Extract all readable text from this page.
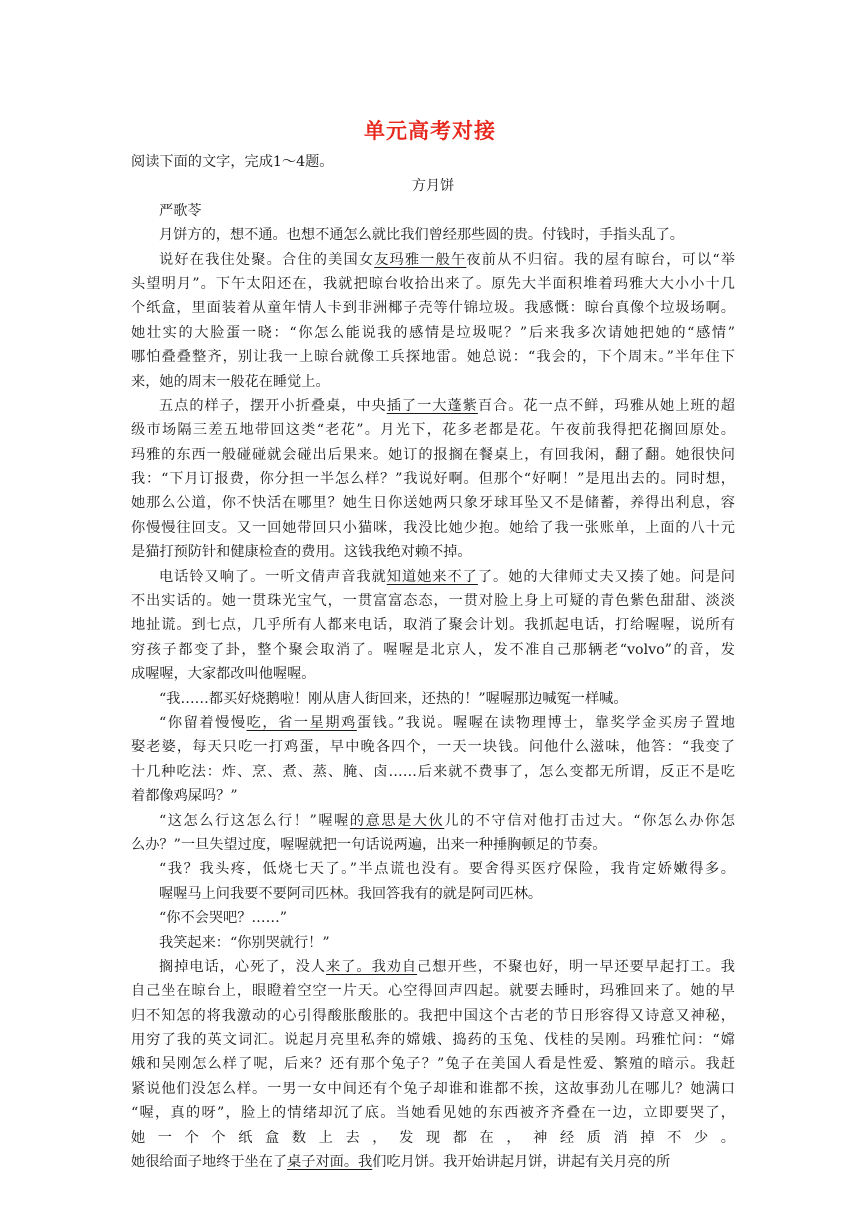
单元高考对接
阅读下面的文字，完成1～4题。
方月饼
严歌苓
月饼方的，想不通。也想不通怎么就比我们曾经那些圆的贵。付钱时，手指头乱了。
说好在我住处聚。合住的美国女友玛雅一般午夜前从不归宿。我的屋有晾台，可以“举
头望明月”。下午太阳还在，我就把晾台收拾出来了。原先大半面积堆着玛雅大大小小十几
个纸盒，里面装着从童年情人卡到非洲椰子壳等什锦垃圾。我感慨：晾台真像个垃圾场啊。
她壮实的大脸蛋一晓：“你怎么能说我的感情是垃圾呢？”后来我多次请她把她的“感情”
哪怕叠叠整齐，别让我一上晾台就像工兵探地雷。她总说：“我会的，下个周末。”半年住下
来，她的周末一般花在睡觉上。
五点的样子，摆开小折叠桌，中央插了一大蓬紫百合。花一点不鲜，玛雅从她上班的超
级市场隔三差五地带回这类“老花”。月光下，花多老都是花。午夜前我得把花搁回原处。
玛雅的东西一般碰碰就会碰出后果来。她订的报搁在餐桌上，有回我闲，翻了翻。她很快问
我：“下月订报费，你分担一半怎么样？”我说好啊。但那个“好啊！”是甩出去的。同时想，
她那么公道，你不快活在哪里？她生日你送她两只象牙球耳坠又不是储蓄，养得出利息，容
你慢慢往回支。又一回她带回只小猫咪，我没比她少抱。她给了我一张账单，上面的八十元
是猫打预防针和健康检查的费用。这钱我绝对赖不掉。
电话铃又响了。一听文倩声音我就知道她来不了了。她的大律师丈夫又揍了她。问是问
不出实话的。她一贯珠光宝气，一贯富富态态，一贯对脸上身上可疑的青色紫色甜甜、淡淡
地扯谎。到七点，几乎所有人都来电话，取消了聚会计划。我抓起电话，打给喔喔，说所有
穷孩子都变了卦，整个聚会取消了。喔喔是北京人，发不准自己那辆老“volvo”的音，发
成喔喔，大家都改叫他喔喔。
“我……都买好烧鹅啦！刚从唐人街回来，还热的！”喔喔那边喊冤一样喊。
“你留着慢慢吃，省一星期鸡蛋钱。”我说。喔喔在读物理博士，靠奖学金买房子置地
娶老婆，每天只吃一打鸡蛋，早中晚各四个，一天一块钱。问他什么滋味，他答：“我变了
十几种吃法：炸、烹、煮、蒸、腌、卤……后来就不费事了，怎么变都无所谓，反正不是吃
着都像鸡屎吗？”
“这怎么行这怎么行！”喔喔的意思是大伙儿的不守信对他打击过大。“你怎么办你怎
么办？”一旦失望过度，喔喔就把一句话说两遍，出来一种捶胸顿足的节奏。
“我？我头疼，低烧七天了。”半点谎也没有。要舍得买医疗保险，我肯定娇嫩得多。
喔喔马上问我要不要阿司匹林。我回答我有的就是阿司匹林。
“你不会哭吧？……”
我笑起来：“你别哭就行！”
搁掉电话，心死了，没人来了。我劝自己想开些，不聚也好，明一早还要早起打工。我
自己坐在晾台上，眼瞪着空空一片天。心空得回声四起。就要去睡时，玛雅回来了。她的早
归不知怎的将我激动的心引得酸胀酸胀的。我把中国这个古老的节日形容得又诗意又神秘，
用穷了我的英文词汇。说起月亮里私奔的嫦娥、捣药的玉兔、伐桂的吴刚。玛雅忙问：“嫦
娥和吴刚怎么样了呢，后来？还有那个兔子？”兔子在美国人看是性爱、繁殖的暗示。我赶
紧说他们没怎么样。一男一女中间还有个兔子却谁和谁都不挨，这故事劲儿在哪儿？她满口
“喔，真的呀”，脸上的情绪却沉了底。当她看见她的东西被齐齐叠在一边，立即要哭了，
她一个个纸盒数上去，发现都在，神经质消掉不少。
她很给面子地终于坐在了桌子对面。我们吃月饼。我开始讲起月饼，讲起有关月亮的所
